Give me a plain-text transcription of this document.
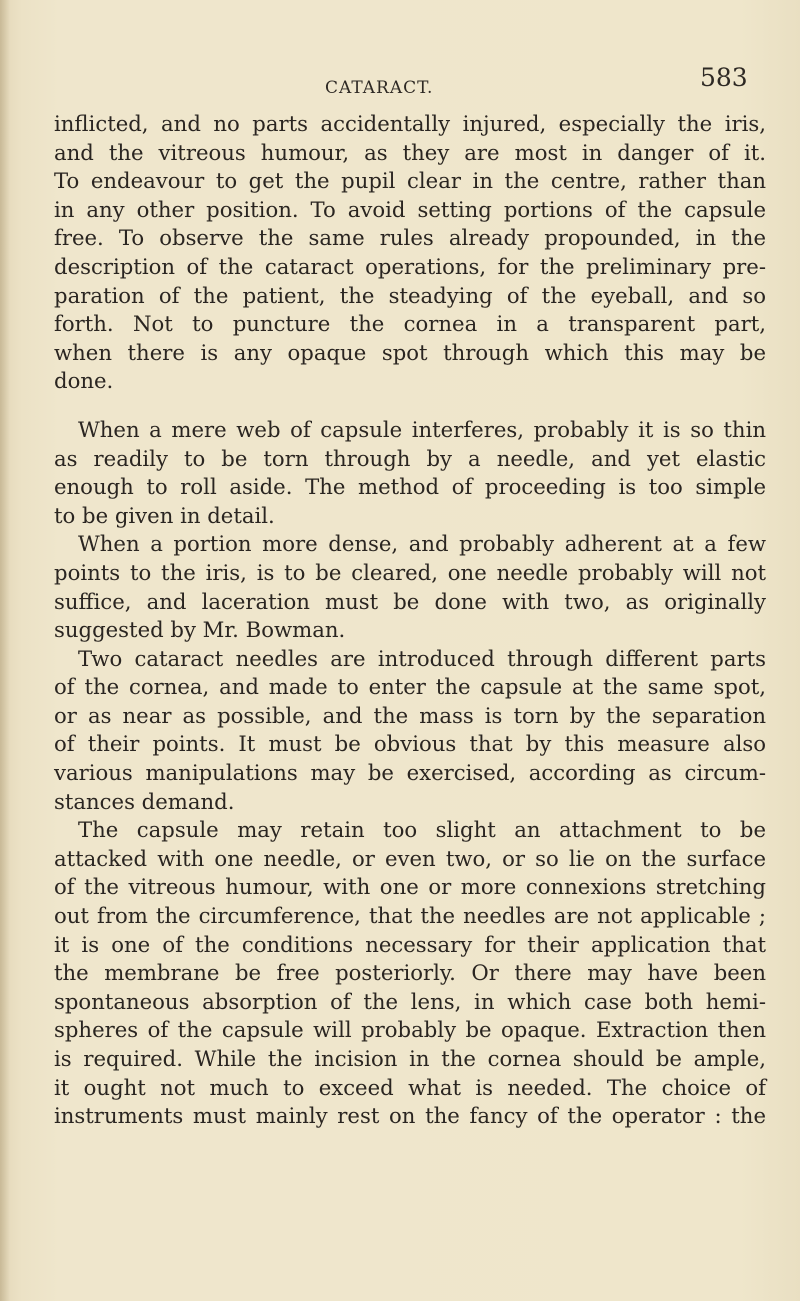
CATARACT.	583
inflicted, and no parts accidentally injured, especially the iris,
and the vitreous humour, as they are most in danger of it.
To endeavour to get the pupil clear in the centre, rather than
in any other position. To avoid setting portions of the capsule
free. To observe the same rules already propounded, in the
description of the cataract operations, for the preliminary pre-
paration of the patient, the steadying of the eyeball, and so
forth. Not to puncture the cornea in a transparent part,
when there is any opaque spot through which this may be
done.
When a mere web of capsule interferes, probably it is so thin
as readily to be torn through by a needle, and yet elastic
enough to roll aside. The method of proceeding is too simple
to be given in detail.
When a portion more dense, and probably adherent at a few
points to the iris, is to be cleared, one needle probably will not
suffice, and laceration must be done with two, as originally
suggested by Mr. Bowman.
Two cataract needles are introduced through different parts
of the cornea, and made to enter the capsule at the same spot,
or as near as possible, and the mass is torn by the separation
of their points. It must be obvious that by this measure also
various manipulations may be exercised, according as circum-
stances demand.
The capsule may retain too slight an attachment to be
attacked with one needle, or even two, or so lie on the surface
of the vitreous humour, with one or more connexions stretching
out from the circumference, that the needles are not applicable ;
it is one of the conditions necessary for their application that
the membrane be free posteriorly. Or there may have been
spontaneous absorption of the lens, in which case both hemi-
spheres of the capsule will probably be opaque. Extraction then
is required. While the incision in the cornea should be ample,
it ought not much to exceed what is needed. The choice of
instruments must mainly rest on the fancy of the operator : the
